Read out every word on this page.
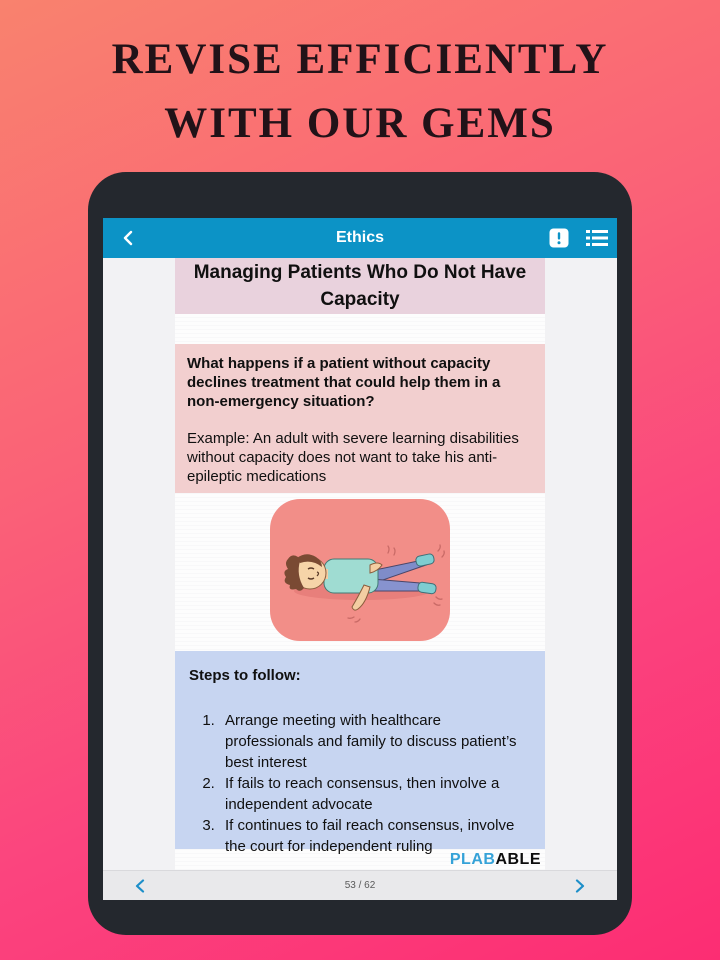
REVISE EFFICIENTLY
WITH OUR GEMS
Ethics
Managing Patients Who Do Not Have Capacity

What happens if a patient without capacity declines treatment that could help them in a non-emergency situation?

Example: An adult with severe learning disabilities without capacity does not want to take his anti-epileptic medications

Steps to follow:
1. Arrange meeting with healthcare professionals and family to discuss patient’s best interest
2. If fails to reach consensus, then involve a independent advocate
3. If continues to fail reach consensus, involve the court for independent ruling
PLAB ABLE
53 / 62
